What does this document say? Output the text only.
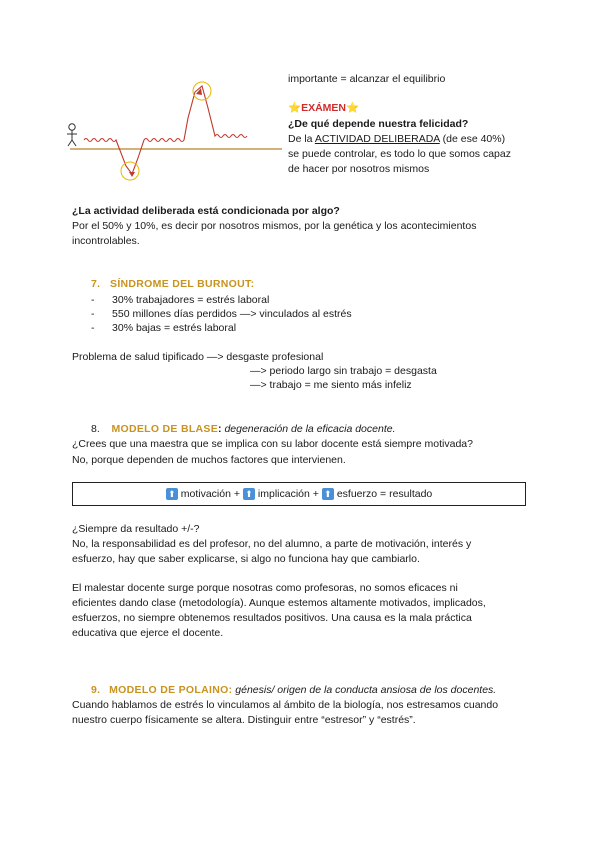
importante = alcanzar el equilibrio
⭐EXÁMEN⭐
¿De qué depende nuestra felicidad?
De la ACTIVIDAD DELIBERADA (de ese 40%)
se puede controlar, es todo lo que somos capaz
de hacer por nosotros mismos
¿La actividad deliberada está condicionada por algo?
Por el 50% y 10%, es decir por nosotros mismos, por la genética y los acontecimientos
incontrolables.
7. SÍNDROME DEL BURNOUT:
- 30% trabajadores = estrés laboral
- 550 millones días perdidos —> vinculados al estrés
- 30% bajas = estrés laboral
Problema de salud tipificado —> desgaste profesional
—> periodo largo sin trabajo = desgasta
—> trabajo = me siento más infeliz
8. MODELO DE BLASE: degeneración de la eficacia docente.
¿Crees que una maestra que se implica con su labor docente está siempre motivada?
No, porque dependen de muchos factores que intervienen.
⬆ motivación +
⬆ implicación +
⬆ esfuerzo = resultado
¿Siempre da resultado +/-?
No, la responsabilidad es del profesor, no del alumno, a parte de motivación, interés y
esfuerzo, hay que saber explicarse, si algo no funciona hay que cambiarlo.
El malestar docente surge porque nosotras como profesoras, no somos eficaces ni
eficientes dando clase (metodología). Aunque estemos altamente motivados, implicados,
esfuerzos, no siempre obtenemos resultados positivos. Una causa es la mala práctica
educativa que ejerce el docente.
9. MODELO DE POLAINO: génesis/ origen de la conducta ansiosa de los docentes.
Cuando hablamos de estrés lo vinculamos al ámbito de la biología, nos estresamos cuando
nuestro cuerpo físicamente se altera. Distinguir entre “estresor” y “estrés”.
